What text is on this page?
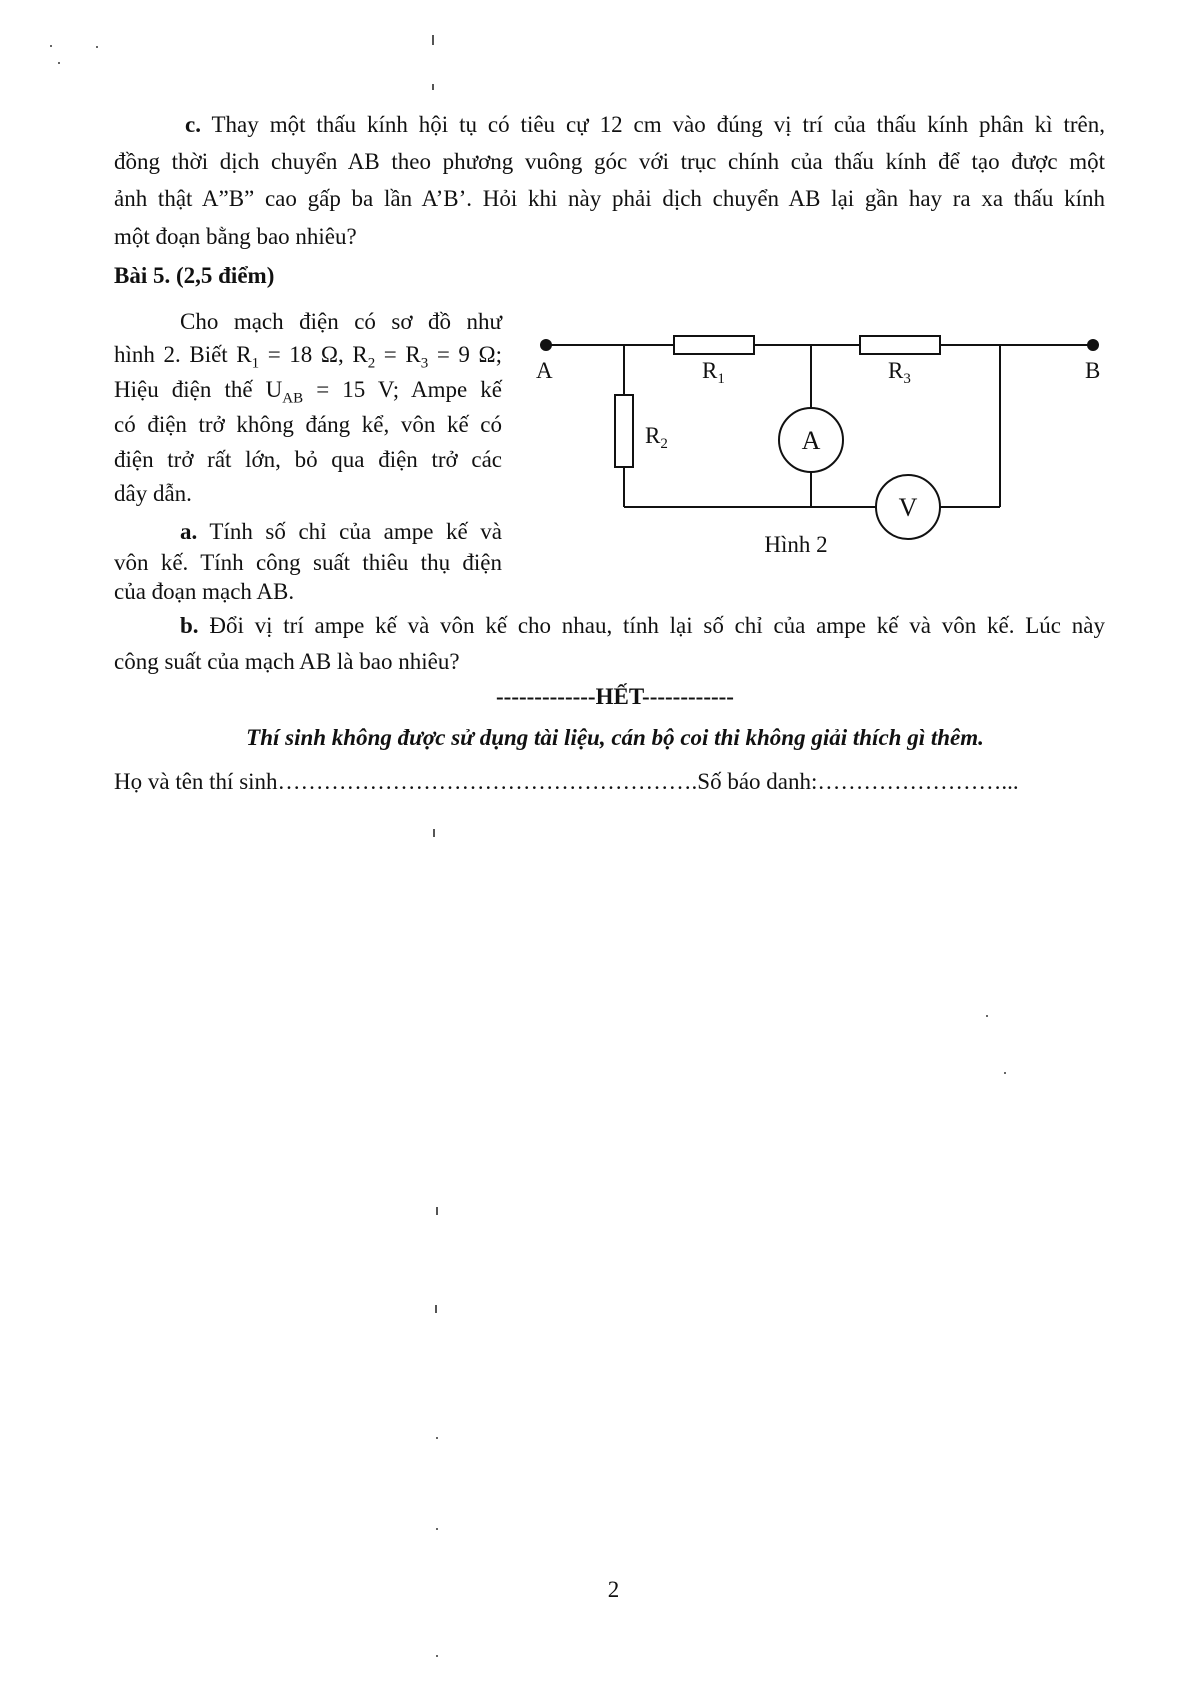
c. Thay một thấu kính hội tụ có tiêu cự 12 cm vào đúng vị trí của thấu kính phân kì trên,
đồng thời dịch chuyển AB theo phương vuông góc với trục chính của thấu kính để tạo được một
ảnh thật A”B” cao gấp ba lần A’B’. Hỏi khi này phải dịch chuyển AB lại gần hay ra xa thấu kính
một đoạn bằng bao nhiêu?
Bài 5. (2,5 điểm)
Cho mạch điện có sơ đồ như
hình 2. Biết $R_1 = 18$ Ω, $R_2 = R_3 = 9$ Ω;
Hiệu điện thế $U_{AB} = 15$ V; Ampe kế
có điện trở không đáng kể, vôn kế có
điện trở rất lớn, bỏ qua điện trở các
dây dẫn.
a. Tính số chỉ của ampe kế và
vôn kế. Tính công suất thiêu thụ điện
của đoạn mạch AB.
b. Đổi vị trí ampe kế và vôn kế cho nhau, tính lại số chỉ của ampe kế và vôn kế. Lúc này
công suất của mạch AB là bao nhiêu?
A	B
$R_1$	$R_3$
$R_2$	A
V
Hình 2
-------------HẾT------------
Thí sinh không được sử dụng tài liệu, cán bộ coi thi không giải thích gì thêm.
Họ và tên thí sinh……………………………………………….Số báo danh:……………………...
2
